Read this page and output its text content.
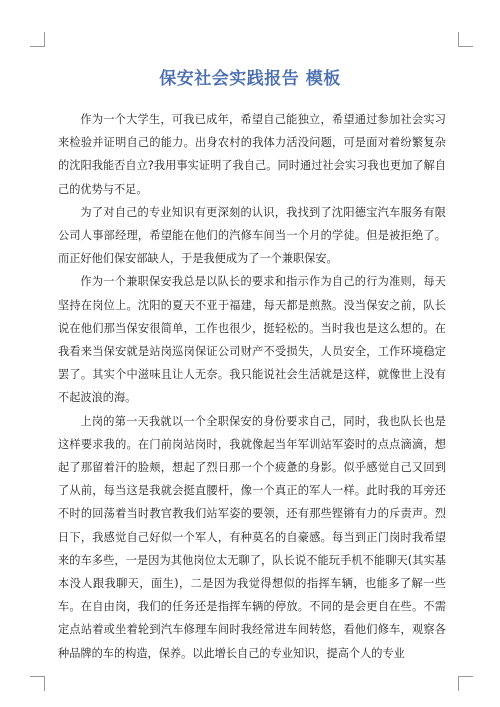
保安社会实践报告 模板

作为一个大学生，可我已成年，希望自己能独立，希望通过参加社会实习来检验并证明自己的能力。出身农村的我体力活没问题，可是面对着纷繁复杂的沈阳我能否自立?我用事实证明了我自己。同时通过社会实习我也更加了解自己的优势与不足。

为了对自己的专业知识有更深刻的认识，我找到了沈阳德宝汽车服务有限公司人事部经理，希望能在他们的汽修车间当一个月的学徒。但是被拒绝了。而正好他们保安部缺人，于是我便成为了一个兼职保安。

作为一个兼职保安我总是以队长的要求和指示作为自己的行为准则，每天坚持在岗位上。沈阳的夏天不亚于福建，每天都是煎熬。没当保安之前，队长说在他们那当保安很简单，工作也很少，挺轻松的。当时我也是这么想的。在我看来当保安就是站岗巡岗保证公司财产不受损失，人员安全，工作环境稳定罢了。其实个中滋味且让人无奈。我只能说社会生活就是这样，就像世上没有不起波浪的海。

上岗的第一天我就以一个全职保安的身份要求自己，同时，我也队长也是这样要求我的。在门前岗站岗时，我就像起当年军训站军姿时的点点滴滴，想起了那留着汗的脸颊，想起了烈日那一个个疲惫的身影。似乎感觉自己又回到了从前，每当这是我就会挺直腰杆，像一个真正的军人一样。此时我的耳旁还不时的回荡着当时教官教我们站军姿的要领，还有那些铿锵有力的斥责声。烈日下，我感觉自己好似一个军人，有种莫名的自豪感。每当到正门岗时我希望来的车多些，一是因为其他岗位太无聊了，队长说不能玩手机不能聊天(其实基本没人跟我聊天，面生)，二是因为我觉得想似的指挥车辆，也能多了解一些车。在自由岗，我们的任务还是指挥车辆的停放。不同的是会更自在些。不需定点站着或坐着轮到汽车修理车间时我经常进车间转悠，看他们修车，观察各种品牌的车的构造，保养。以此增长自己的专业知识，提高个人的专业
